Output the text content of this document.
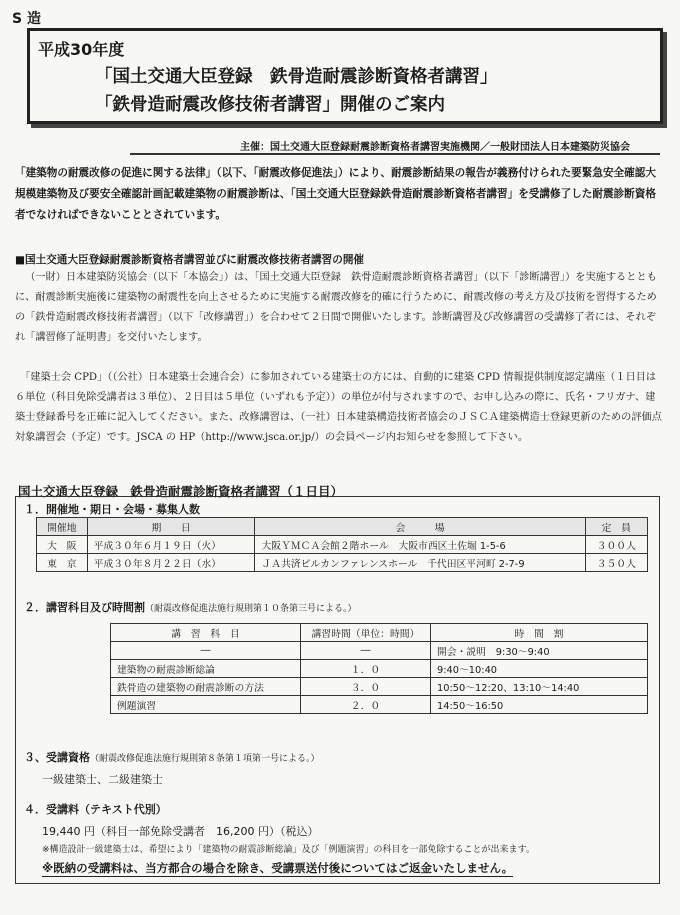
S 造
平成30年度
「国土交通大臣登録　鉄骨造耐震診断資格者講習」
「鉄骨造耐震改修技術者講習」開催のご案内
主催：国土交通大臣登録耐震診断資格者講習実施機関／一般財団法人日本建築防災協会
「建築物の耐震改修の促進に関する法律」（以下、「耐震改修促進法」）により、耐震診断結果の報告が義務付けられた要緊急安全確認大規模建築物及び要安全確認計画記載建築物の耐震診断は、「国土交通大臣登録鉄骨造耐震診断資格者講習」を受講修了した耐震診断資格者でなければできないこととされています。
■国土交通大臣登録耐震診断資格者講習並びに耐震改修技術者講習の開催
（一財）日本建築防災協会（以下「本協会」）は、「国土交通大臣登録　鉄骨造耐震診断資格者講習」（以下「診断講習」）を実施するとともに、耐震診断実施後に建築物の耐震性を向上させるために実施する耐震改修を的確に行うために、耐震改修の考え方及び技術を習得するための「鉄骨造耐震改修技術者講習」（以下「改修講習」）を合わせて２日間で開催いたします。診断講習及び改修講習の受講修了者には、それぞれ「講習修了証明書」を交付いたします。
「建築士会 CPD」（（公社）日本建築士会連合会）に参加されている建築士の方には、自動的に建築 CPD 情報提供制度認定講座（１日目は６単位（科目免除受講者は３単位）、２日目は５単位（いずれも予定））の単位が付与されますので、お申し込みの際に、氏名・フリガナ、建築士登録番号を正確に記入してください。また、改修講習は、（一社）日本建築構造技術者協会のＪＳＣＡ建築構造士登録更新のための評価点対象講習会（予定）です。JSCA の HP（http://www.jsca.or.jp/）の会員ページ内お知らせを参照して下さい。
国土交通大臣登録　鉄骨造耐震診断資格者講習（１日目）
１．開催地・期日・会場・募集人数
開催地	期　　日	会　　　場	定　員
大　阪	平成３０年６月１９日（火）	大阪ＹＭＣＡ会館２階ホール　大阪市西区土佐堀 1-5-6	３００人
東　京	平成３０年８月２２日（水）	ＪＡ共済ビルカンファレンスホール　千代田区平河町 2-7-9	３５０人
２．講習科目及び時間割（耐震改修促進法施行規則第１０条第三号による。）
講　習　科　目	講習時間（単位：時間）	時　間　割
―	―	開会・説明　9:30～9:40
建築物の耐震診断総論	１．０	9:40～10:40
鉄骨造の建築物の耐震診断の方法	３．０	10:50～12:20、13:10～14:40
例題演習	２．０	14:50～16:50
３、受講資格（耐震改修促進法施行規則第８条第１項第一号による。）
一級建築士、二級建築士
４．受講料（テキスト代別）
19,440 円（科目一部免除受講者　16,200 円）（税込）
※構造設計一級建築士は、希望により「建築物の耐震診断総論」及び「例題演習」の科目を一部免除することが出来ます。
※既納の受講料は、当方都合の場合を除き、受講票送付後についてはご返金いたしません。
